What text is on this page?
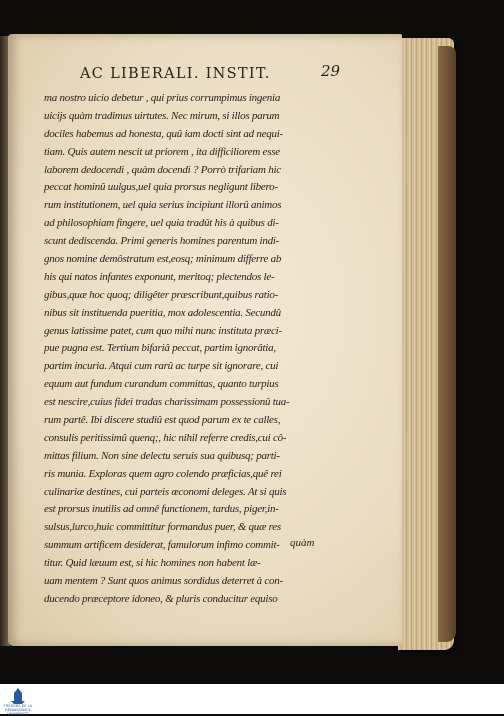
AC LIBERALI. INSTIT.	29
ma nostro uicio debetur , qui prius corrumpimus ingenia
uicijs quàm tradimus uirtutes. Nec mirum, si illos parum
dociles habemus ad honesta, quû iam docti sint ad nequi-
tiam. Quis autem nescit ut priorem , ita difficiliorem esse
laborem dedocendi , quàm docendi ? Porrò trifariam hic
peccat hominû uulgus,uel quia prorsus negligunt libero-
rum institutionem, uel quia serius incipiunt illorû animos
ad philosophiam fingere, uel quia tradût his à quibus di-
scunt dediscenda. Primi generis homines parentum indi-
gnos nomine demôstratum est,eosq; minimum differre ab
his qui natos infantes exponunt, meritoq; plectendos le-
gibus,quæ hoc quoq; diligêter præscribunt,quibus ratio-
nibus sit instituenda pueritia, mox adolescentia. Secundû
genus latissime patet, cum quo mihi nunc instituta præci-
pue pugna est. Tertium bifariâ peccat, partim ignorâtia,
partim incuria. Atqui cum rarû ac turpe sit ignorare, cui
equum aut fundum curandum committas, quanto turpius
est nescire,cuius fidei tradas charissimam possessionû tua-
rum partê. Ibi discere studiû est quod parum ex te calles,
consulis peritissimû quenq;, hic nihil referre credis,cui cô-
mittas filium. Non sine delectu seruis sua quibusq; parti-
ris munia. Exploras quem agro colendo præficias,quê rei
culinariæ destines, cui parteis œconomi deleges. At si quis
est prorsus inutilis ad omnê functionem, tardus, piger,in-
sulsus,lurco,huic committitur formandus puer, & quæ res
summum artificem desiderat, famulorum infimo commit-
titur. Quid læuum est, si hic homines non habent læ-
uam mentem ? Sunt quos animus sordidus deterret à con-
ducendo præceptore idoneo, & pluris conducitur equiso
quàm
TRESORS DE LA RENAISSANCE UNIVERSITÉ
